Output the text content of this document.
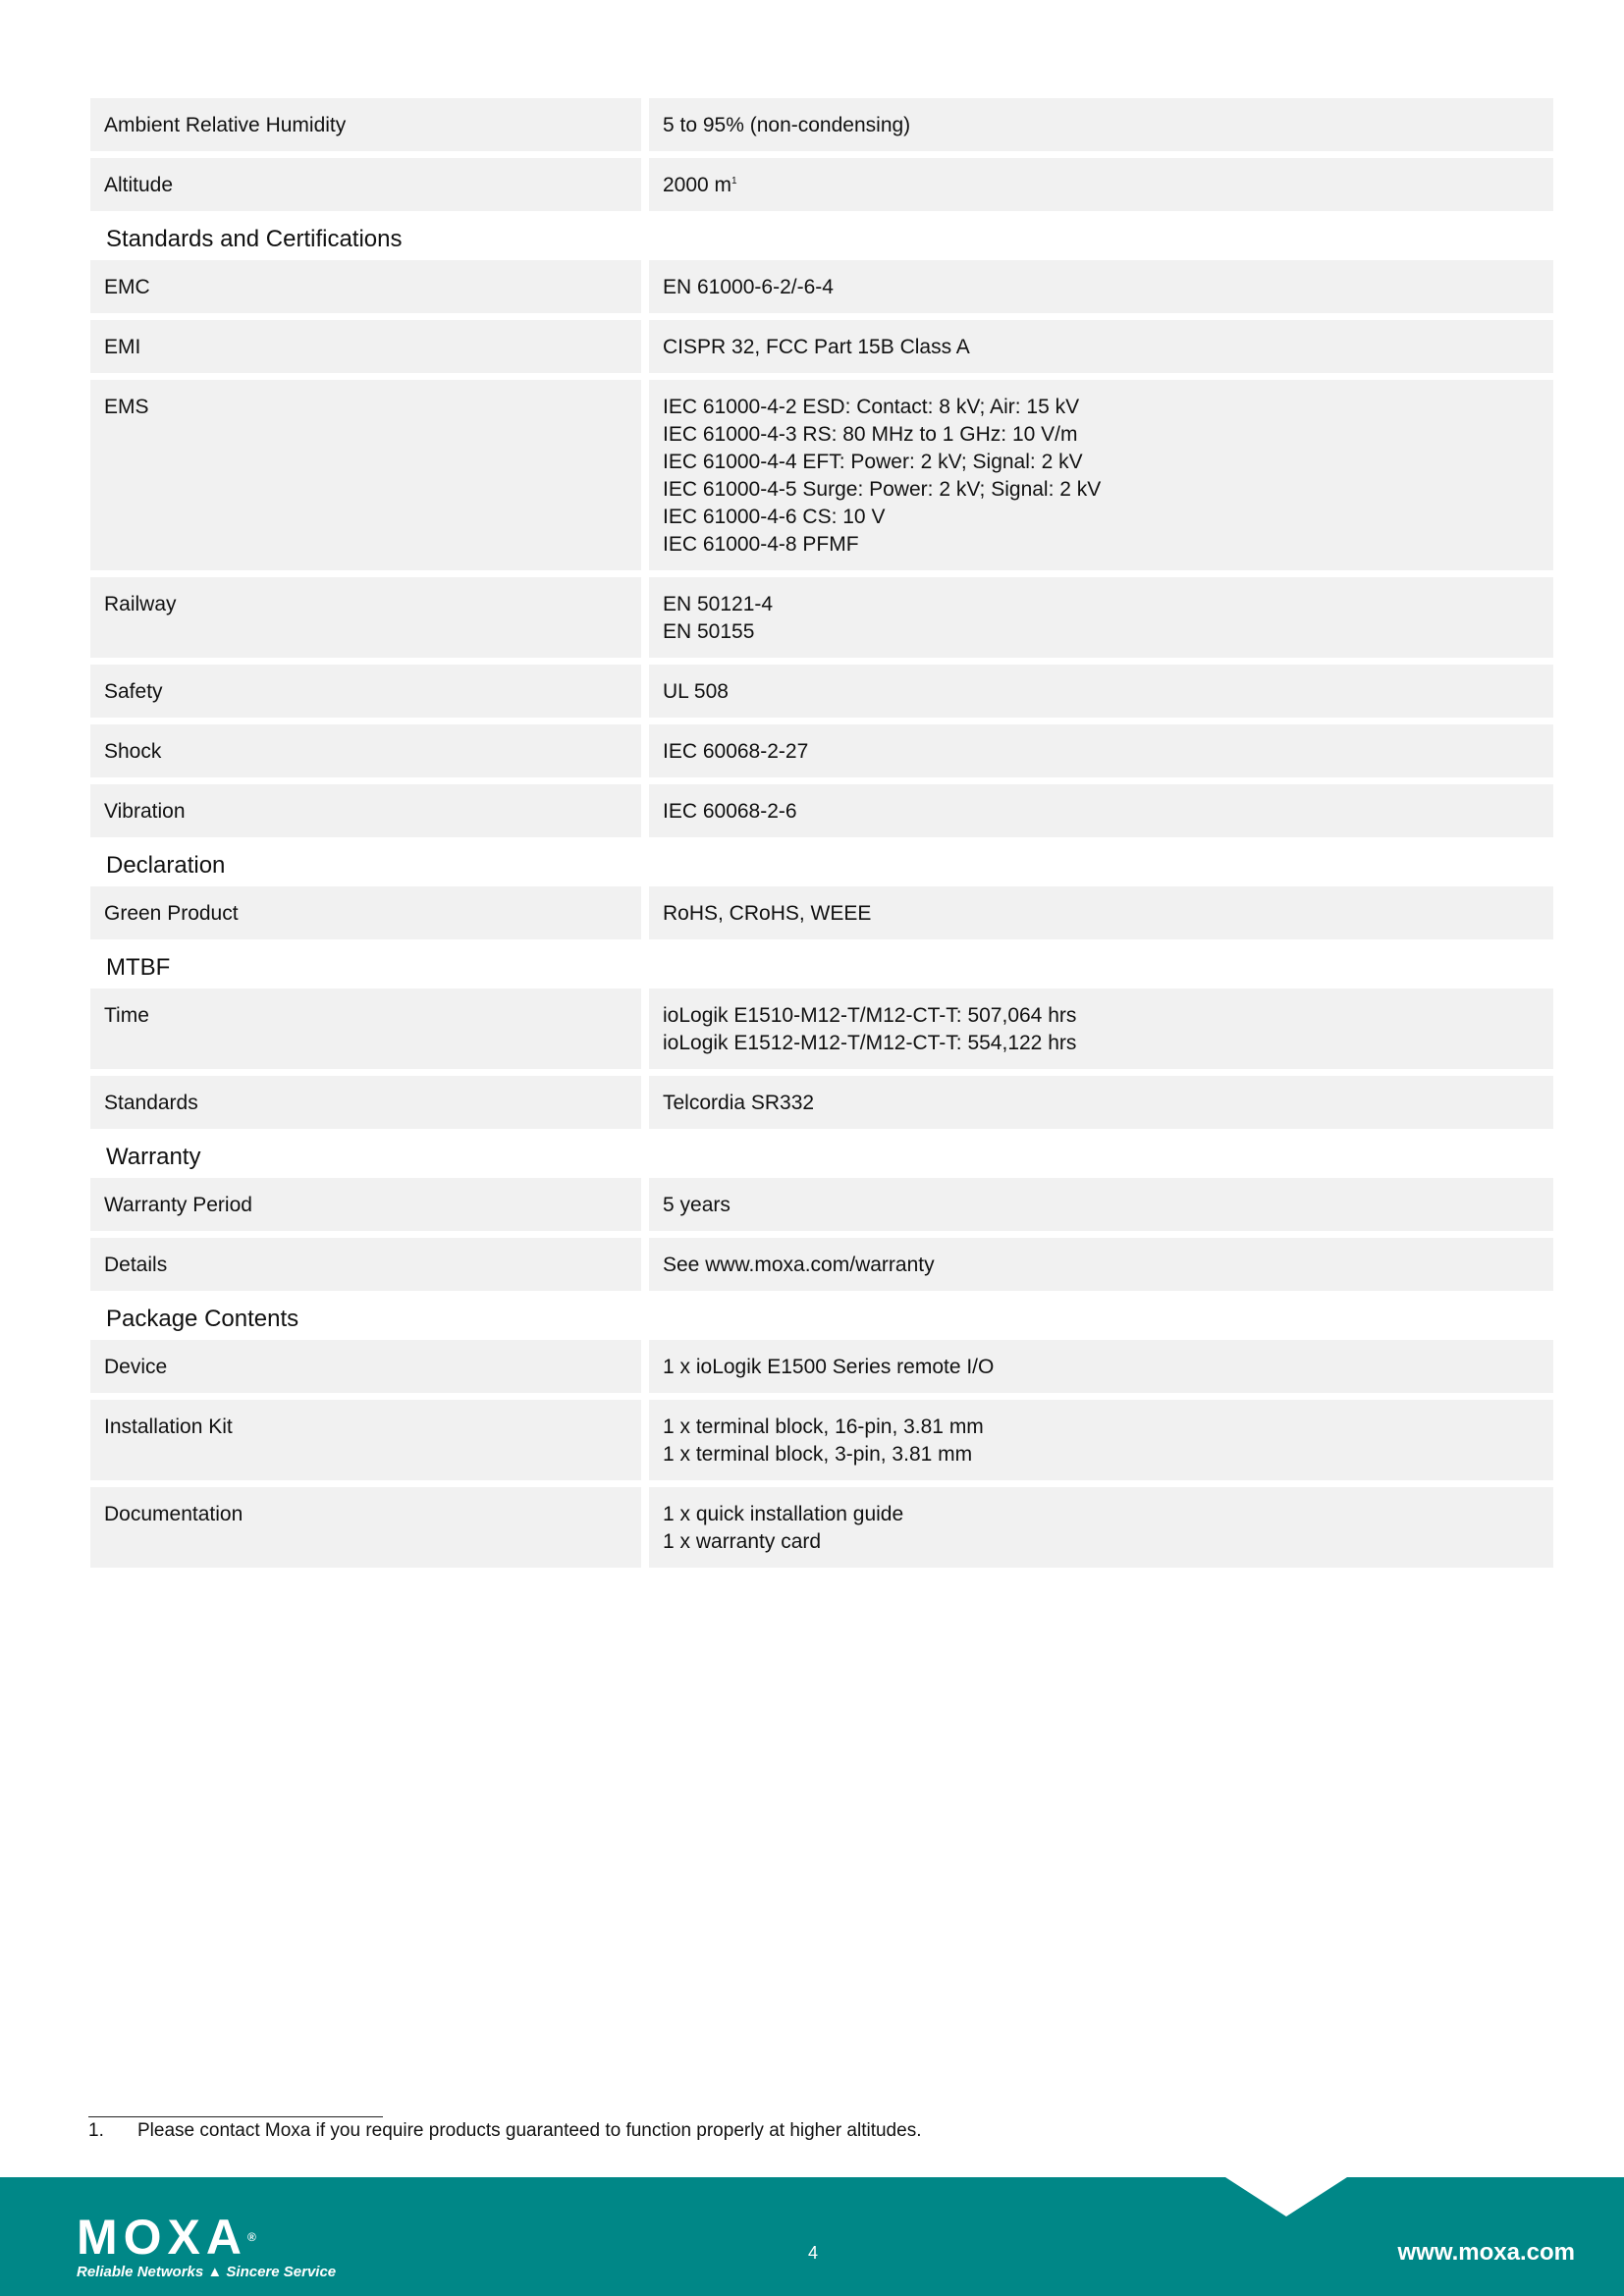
Ambient Relative Humidity	5 to 95% (non-condensing)
Altitude	2000 $m^1$
Standards and Certifications
EMC	EN 61000-6-2/-6-4
EMI	CISPR 32, FCC Part 15B Class A
EMS	IEC 61000-4-2 ESD: Contact: 8 kV; Air: 15 kV
IEC 61000-4-3 RS: 80 MHz to 1 GHz: 10 V/m
IEC 61000-4-4 EFT: Power: 2 kV; Signal: 2 kV
IEC 61000-4-5 Surge: Power: 2 kV; Signal: 2 kV
IEC 61000-4-6 CS: 10 V
IEC 61000-4-8 PFMF
Railway	EN 50121-4
EN 50155
Safety	UL 508
Shock	IEC 60068-2-27
Vibration	IEC 60068-2-6
Declaration
Green Product	RoHS, CRoHS, WEEE
MTBF
Time	ioLogik E1510-M12-T/M12-CT-T: 507,064 hrs
ioLogik E1512-M12-T/M12-CT-T: 554,122 hrs
Standards	Telcordia SR332
Warranty
Warranty Period	5 years
Details	See www.moxa.com/warranty
Package Contents
Device	1 x ioLogik E1500 Series remote I/O
Installation Kit	1 x terminal block, 16-pin, 3.81 mm
1 x terminal block, 3-pin, 3.81 mm
Documentation	1 x quick installation guide
1 x warranty card
1. Please contact Moxa if you require products guaranteed to function properly at higher altitudes.
MOXA®
Reliable Networks ▲ Sincere Service
4	www.moxa.com
